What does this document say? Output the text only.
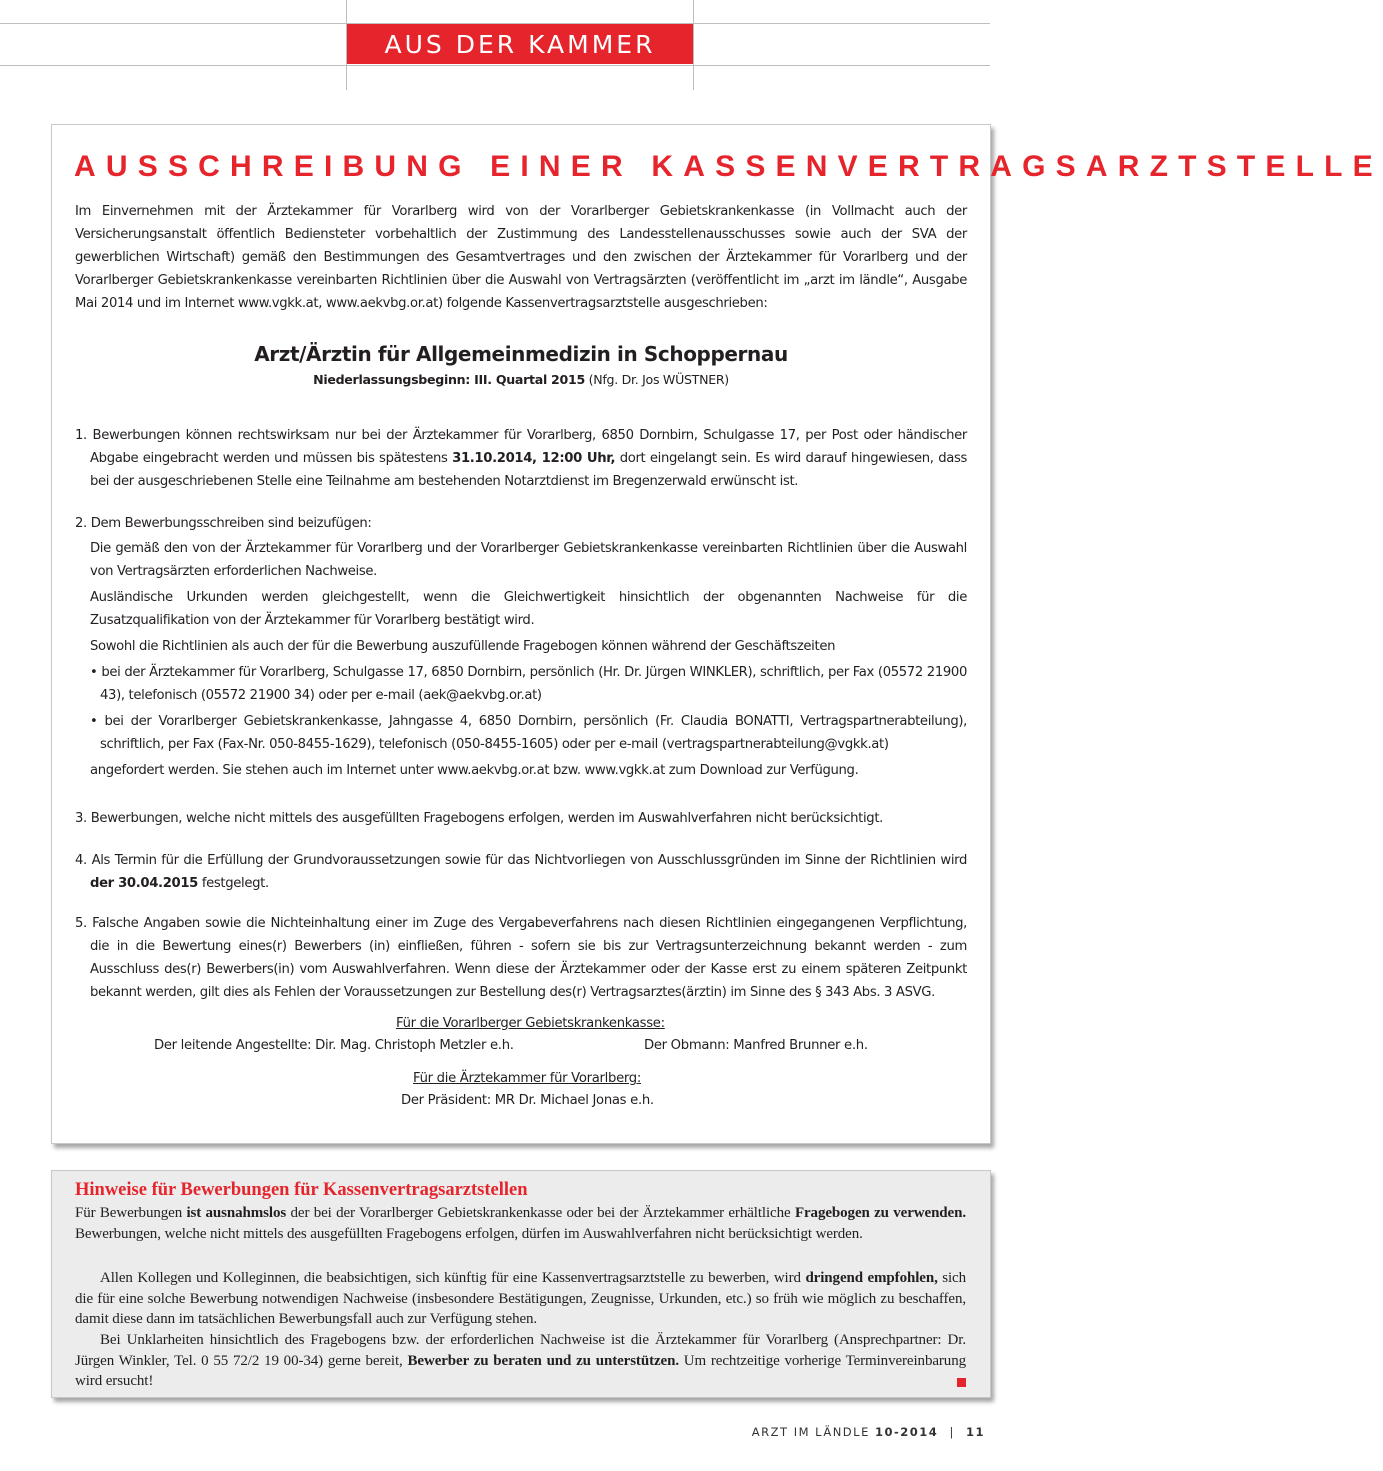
AUS DER KAMMER
AUSSCHREIBUNG EINER KASSENVERTRAGSARZTSTELLE
Im Einvernehmen mit der Ärztekammer für Vorarlberg wird von der Vorarlberger Gebietskrankenkasse (in Vollmacht auch der Versicherungsanstalt öffentlich Bediensteter vorbehaltlich der Zustimmung des Landesstellenausschusses sowie auch der SVA der gewerblichen Wirtschaft) gemäß den Bestimmungen des Gesamtvertrages und den zwischen der Ärztekammer für Vorarlberg und der Vorarlberger Gebietskrankenkasse vereinbarten Richtlinien über die Auswahl von Vertragsärzten (veröffentlicht im „arzt im ländle“, Ausgabe Mai 2014 und im Internet www.vgkk.at, www.aekvbg.or.at) folgende Kassenvertragsarztstelle ausgeschrieben:
Arzt/Ärztin für Allgemeinmedizin in Schoppernau
Niederlassungsbeginn: III. Quartal 2015 (Nfg. Dr. Jos WÜSTNER)
1. Bewerbungen können rechtswirksam nur bei der Ärztekammer für Vorarlberg, 6850 Dornbirn, Schulgasse 17, per Post oder händischer Abgabe eingebracht werden und müssen bis spätestens 31.10.2014, 12:00 Uhr, dort eingelangt sein. Es wird darauf hingewiesen, dass bei der ausgeschriebenen Stelle eine Teilnahme am bestehenden Notarztdienst im Bregenzerwald erwünscht ist.
2. Dem Bewerbungsschreiben sind beizufügen:
Die gemäß den von der Ärztekammer für Vorarlberg und der Vorarlberger Gebietskrankenkasse vereinbarten Richtlinien über die Auswahl von Vertragsärzten erforderlichen Nachweise.
Ausländische Urkunden werden gleichgestellt, wenn die Gleichwertigkeit hinsichtlich der obgenannten Nachweise für die Zusatzqualifikation von der Ärztekammer für Vorarlberg bestätigt wird.
Sowohl die Richtlinien als auch der für die Bewerbung auszufüllende Fragebogen können während der Geschäftszeiten
• bei der Ärztekammer für Vorarlberg, Schulgasse 17, 6850 Dornbirn, persönlich (Hr. Dr. Jürgen WINKLER), schriftlich, per Fax (05572 21900 43), telefonisch (05572 21900 34) oder per e-mail (aek@aekvbg.or.at)
• bei der Vorarlberger Gebietskrankenkasse, Jahngasse 4, 6850 Dornbirn, persönlich (Fr. Claudia BONATTI, Vertragspartnerabteilung), schriftlich, per Fax (Fax-Nr. 050-8455-1629), telefonisch (050-8455-1605) oder per e-mail (vertragspartnerabteilung@vgkk.at)
angefordert werden. Sie stehen auch im Internet unter www.aekvbg.or.at bzw. www.vgkk.at zum Download zur Verfügung.
3. Bewerbungen, welche nicht mittels des ausgefüllten Fragebogens erfolgen, werden im Auswahlverfahren nicht berücksichtigt.
4. Als Termin für die Erfüllung der Grundvoraussetzungen sowie für das Nichtvorliegen von Ausschlussgründen im Sinne der Richtlinien wird der 30.04.2015 festgelegt.
5. Falsche Angaben sowie die Nichteinhaltung einer im Zuge des Vergabeverfahrens nach diesen Richtlinien eingegangenen Verpflichtung, die in die Bewertung eines(r) Bewerbers (in) einfließen, führen - sofern sie bis zur Vertragsunterzeichnung bekannt werden - zum Ausschluss des(r) Bewerbers(in) vom Auswahlverfahren. Wenn diese der Ärztekammer oder der Kasse erst zu einem späteren Zeitpunkt bekannt werden, gilt dies als Fehlen der Voraussetzungen zur Bestellung des(r) Vertragsarztes(ärztin) im Sinne des § 343 Abs. 3 ASVG.
Für die Vorarlberger Gebietskrankenkasse:
Der leitende Angestellte: Dir. Mag. Christoph Metzler e.h.	Der Obmann: Manfred Brunner e.h.
Für die Ärztekammer für Vorarlberg:
Der Präsident: MR Dr. Michael Jonas e.h.
Hinweise für Bewerbungen für Kassenvertragsarztstellen
Für Bewerbungen ist ausnahmslos der bei der Vorarlberger Gebietskrankenkasse oder bei der Ärztekammer erhältliche Fragebogen zu verwenden. Bewerbungen, welche nicht mittels des ausgefüllten Fragebogens erfolgen, dürfen im Auswahlverfahren nicht berücksichtigt werden.
Allen Kollegen und Kolleginnen, die beabsichtigen, sich künftig für eine Kassenvertragsarztstelle zu bewerben, wird dringend empfohlen, sich die für eine solche Bewerbung notwendigen Nachweise (insbesondere Bestätigungen, Zeugnisse, Urkunden, etc.) so früh wie möglich zu beschaffen, damit diese dann im tatsächlichen Bewerbungsfall auch zur Verfügung stehen.
Bei Unklarheiten hinsichtlich des Fragebogens bzw. der erforderlichen Nachweise ist die Ärztekammer für Vorarlberg (Ansprechpartner: Dr. Jürgen Winkler, Tel. 0 55 72/2 19 00-34) gerne bereit, Bewerber zu beraten und zu unterstützen. Um rechtzeitige vorherige Terminvereinbarung wird ersucht!
ARZT IM LÄNDLE 10-2014 | 11
